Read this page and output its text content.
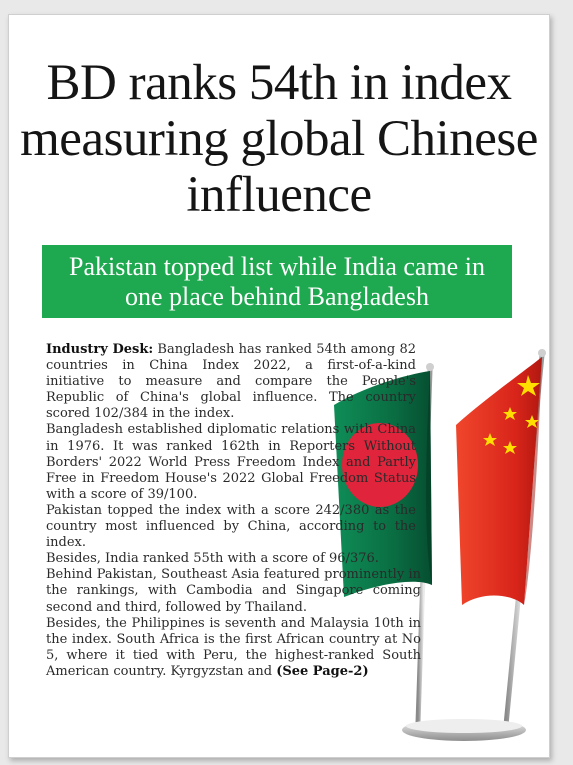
BD ranks 54th in index measuring global Chinese influence
Pakistan topped list while India came in one place behind Bangladesh

Industry Desk: Bangladesh has ranked 54th among 82 countries in China Index 2022, a first-of-a-kind initiative to measure and compare the People's Republic of China's global influence. The country scored 102/384 in the index.

Bangladesh established diplomatic relations with China in 1976. It was ranked 162th in Reporters Without Borders' 2022 World Press Freedom Index and Partly Free in Freedom House's 2022 Global Freedom Status with a score of 39/100.

Pakistan topped the index with a score 242/380 as the country most influenced by China, according to the index.

Besides, India ranked 55th with a score of 96/376.

Behind Pakistan, Southeast Asia featured prominently in the rankings, with Cambodia and Singapore coming second and third, followed by Thailand.

Besides, the Philippines is seventh and Malaysia 10th in the index. South Africa is the first African country at No 5, where it tied with Peru, the highest-ranked South American country. Kyrgyzstan and (See Page-2)
